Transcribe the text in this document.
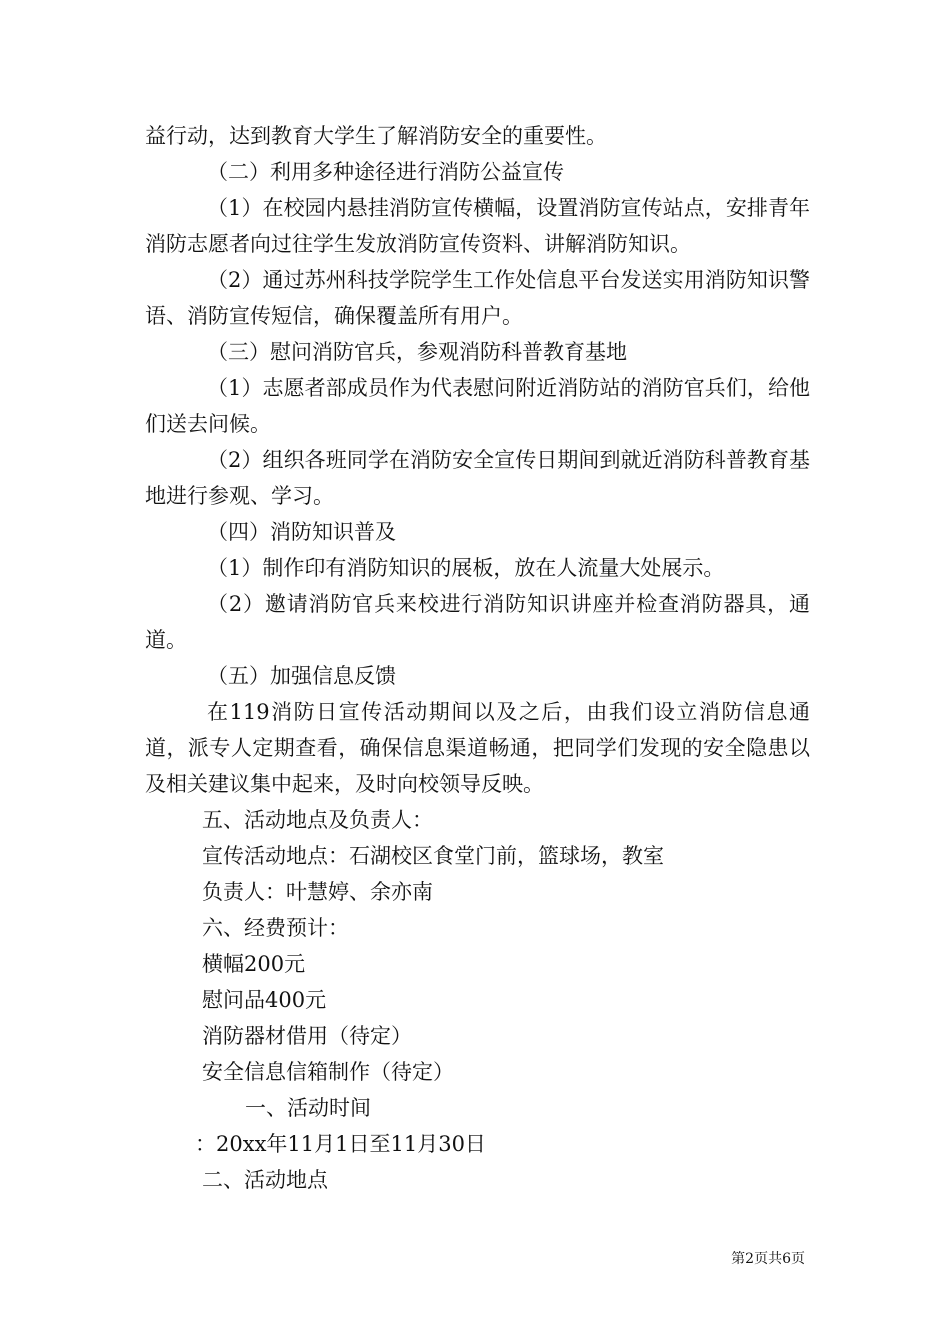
益行动，达到教育大学生了解消防安全的重要性。

（二）利用多种途径进行消防公益宣传

（1）在校园内悬挂消防宣传横幅，设置消防宣传站点，安排青年消防志愿者向过往学生发放消防宣传资料、讲解消防知识。

（2）通过苏州科技学院学生工作处信息平台发送实用消防知识警语、消防宣传短信，确保覆盖所有用户。

（三）慰问消防官兵，参观消防科普教育基地

（1）志愿者部成员作为代表慰问附近消防站的消防官兵们，给他们送去问候。

（2）组织各班同学在消防安全宣传日期间到就近消防科普教育基地进行参观、学习。

（四）消防知识普及

（1）制作印有消防知识的展板，放在人流量大处展示。

（2）邀请消防官兵来校进行消防知识讲座并检查消防器具，通道。

（五）加强信息反馈

在119消防日宣传活动期间以及之后，由我们设立消防信息通道，派专人定期查看，确保信息渠道畅通，把同学们发现的安全隐患以及相关建议集中起来，及时向校领导反映。

五、活动地点及负责人：

宣传活动地点：石湖校区食堂门前，篮球场，教室

负责人：叶慧婷、余亦南

六、经费预计：

横幅200元

慰问品400元

消防器材借用（待定）

安全信息信箱制作（待定）

一、活动时间

：20xx年11月1日至11月30日

二、活动地点

第2页共6页
